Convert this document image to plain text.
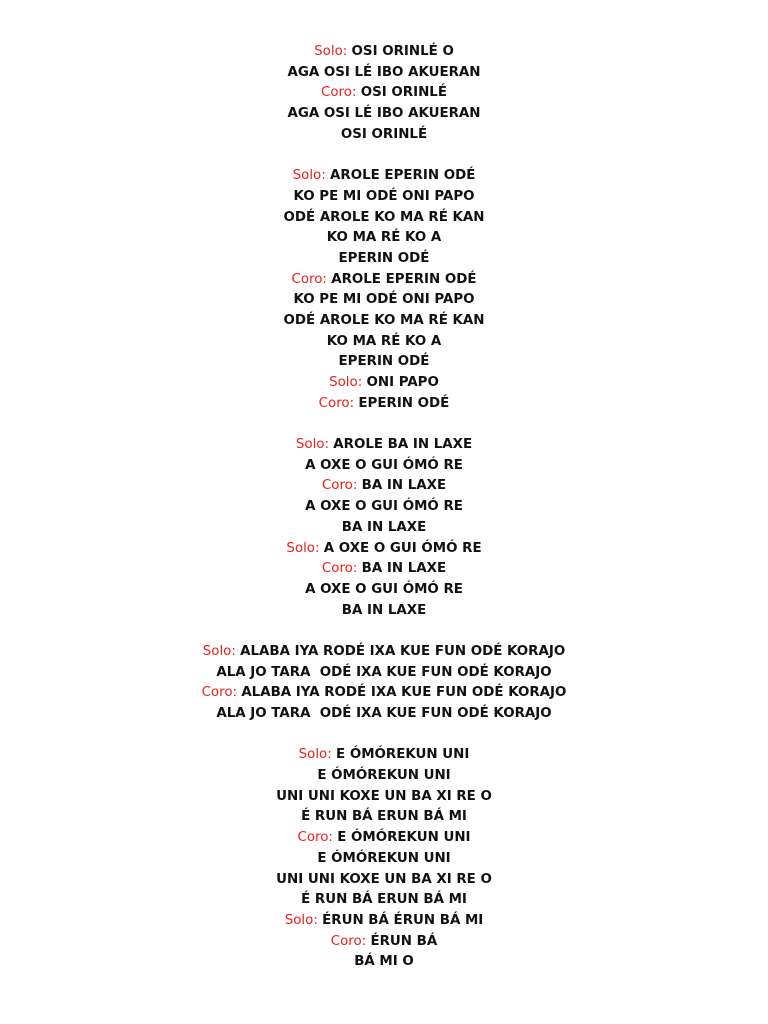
Solo: OSI ORINLÉ O
AGA OSI LÉ IBO AKUERAN
Coro: OSI ORINLÉ
AGA OSI LÉ IBO AKUERAN
OSI ORINLÉ
Solo: AROLE EPERIN ODÉ
KO PE MI ODÉ ONI PAPO
ODÉ AROLE KO MA RÉ KAN
KO MA RÉ KO A
EPERIN ODÉ
Coro: AROLE EPERIN ODÉ
KO PE MI ODÉ ONI PAPO
ODÉ AROLE KO MA RÉ KAN
KO MA RÉ KO A
EPERIN ODÉ
Solo: ONI PAPO
Coro: EPERIN ODÉ
Solo: AROLE BA IN LAXE
A OXE O GUI ÓMÓ RE
Coro: BA IN LAXE
A OXE O GUI ÓMÓ RE
BA IN LAXE
Solo: A OXE O GUI ÓMÓ RE
Coro: BA IN LAXE
A OXE O GUI ÓMÓ RE
BA IN LAXE
Solo: ALABA IYA RODÉ IXA KUE FUN ODÉ KORAJO
ALA JO TARA  ODÉ IXA KUE FUN ODÉ KORAJO
Coro: ALABA IYA RODÉ IXA KUE FUN ODÉ KORAJO
ALA JO TARA  ODÉ IXA KUE FUN ODÉ KORAJO
Solo: E ÓMÓREKUN UNI
E ÓMÓREKUN UNI
UNI UNI KOXE UN BA XI RE O
É RUN BÁ ERUN BÁ MI
Coro: E ÓMÓREKUN UNI
E ÓMÓREKUN UNI
UNI UNI KOXE UN BA XI RE O
É RUN BÁ ERUN BÁ MI
Solo: ÉRUN BÁ ÉRUN BÁ MI
Coro: ÉRUN BÁ
BÁ MI O
